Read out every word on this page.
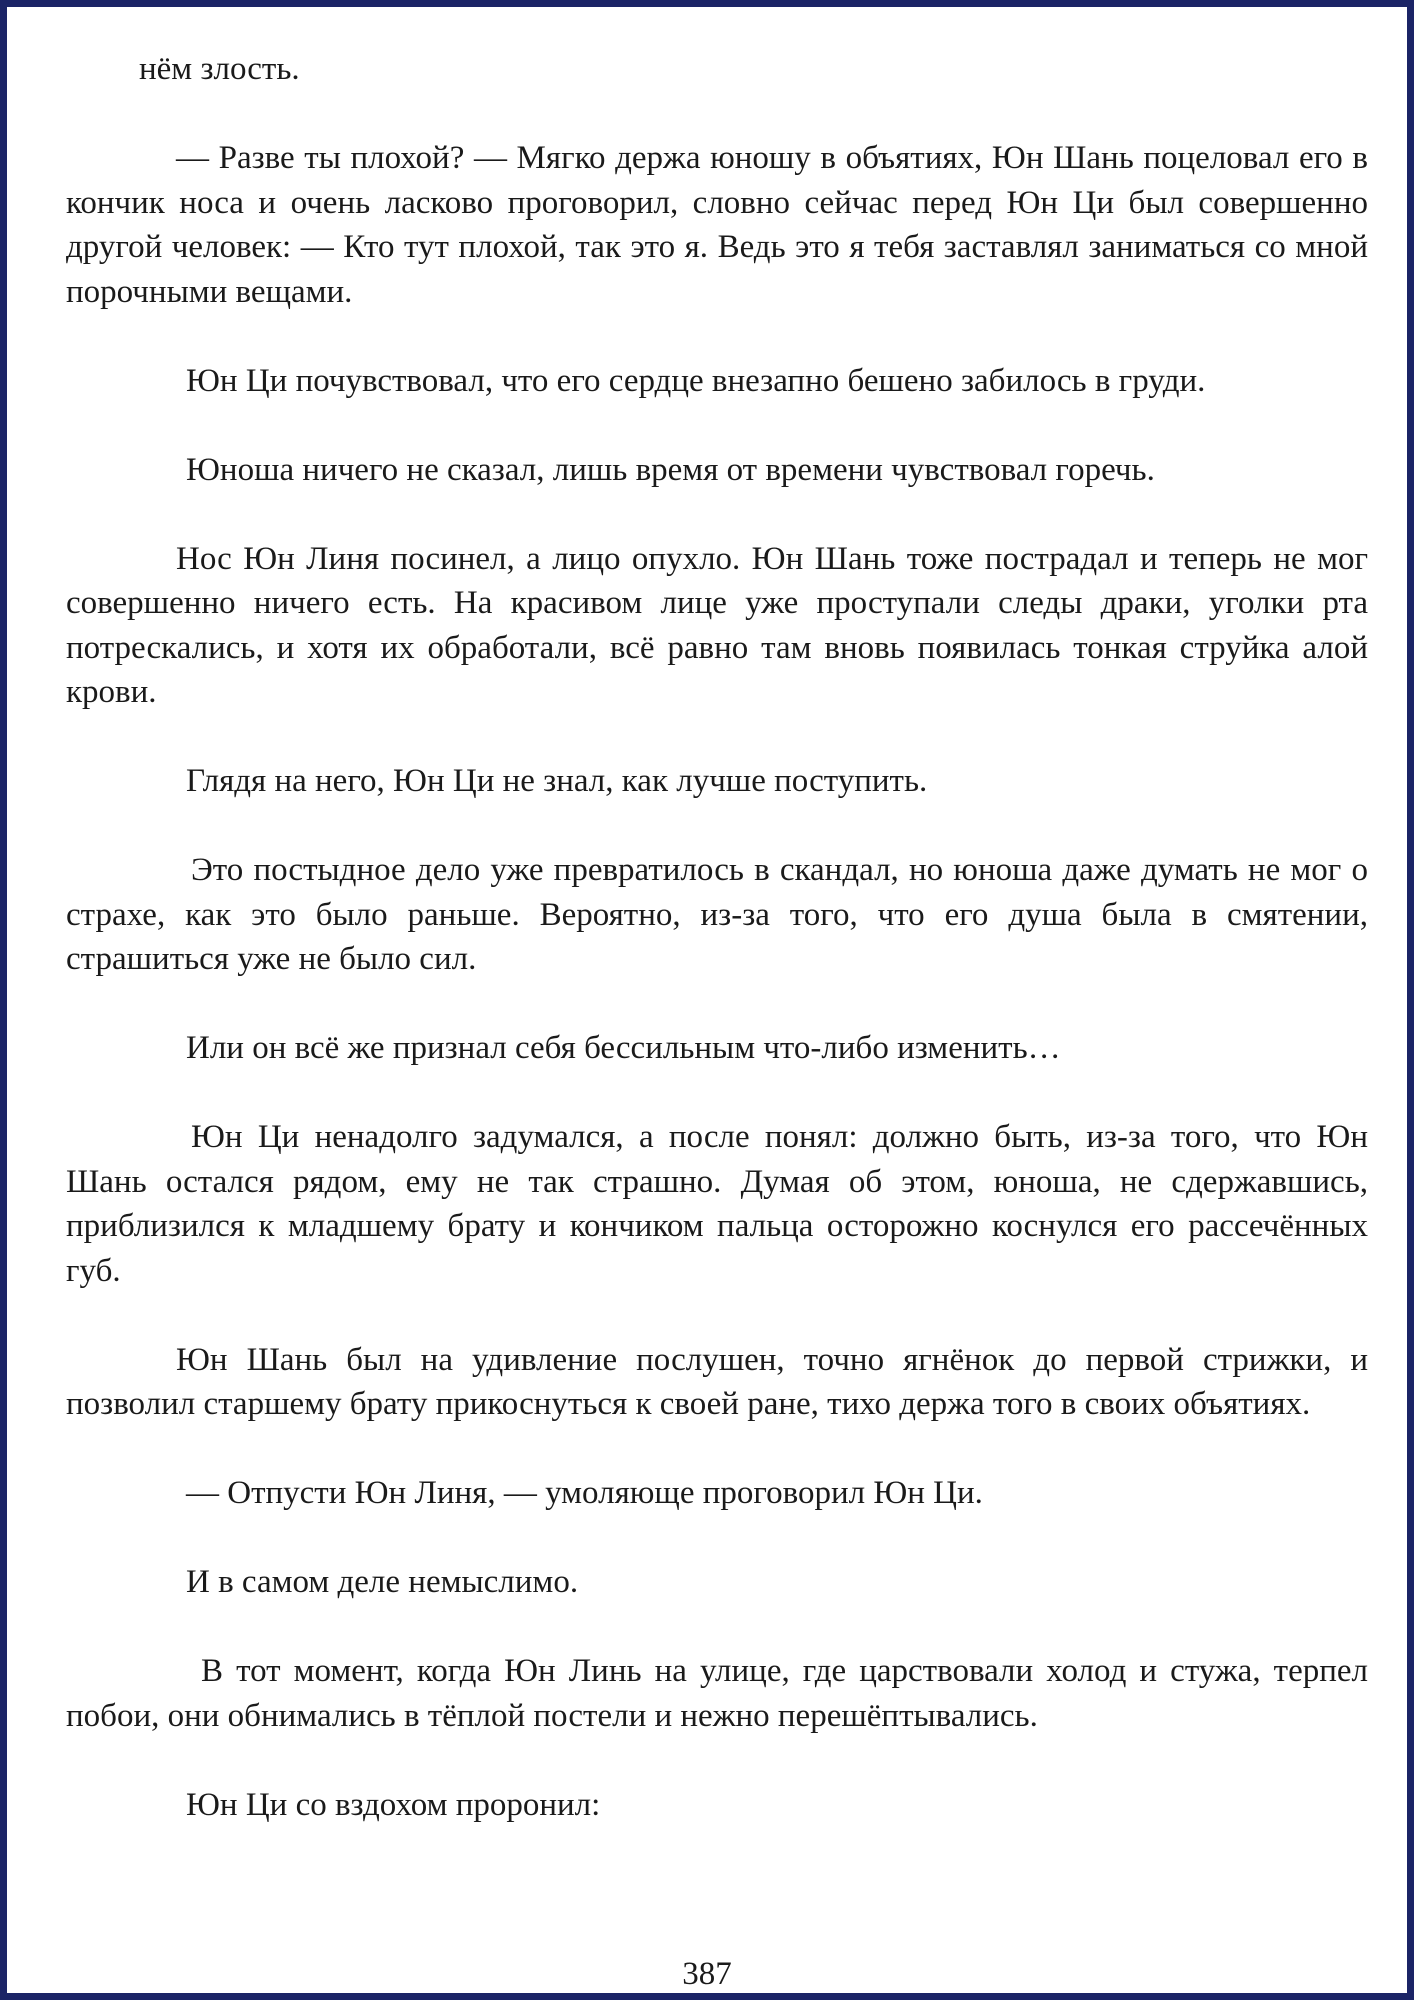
нём злость.

— Разве ты плохой? — Мягко держа юношу в объятиях, Юн Шань поцеловал его в кончик носа и очень ласково проговорил, словно сейчас перед Юн Ци был совершенно другой человек: — Кто тут плохой, так это я. Ведь это я тебя заставлял заниматься со мной порочными вещами.

Юн Ци почувствовал, что его сердце внезапно бешено забилось в груди.

Юноша ничего не сказал, лишь время от времени чувствовал горечь.

Нос Юн Линя посинел, а лицо опухло. Юн Шань тоже пострадал и теперь не мог совершенно ничего есть. На красивом лице уже проступали следы драки, уголки рта потрескались, и хотя их обработали, всё равно там вновь появилась тонкая струйка алой крови.

Глядя на него, Юн Ци не знал, как лучше поступить.

Это постыдное дело уже превратилось в скандал, но юноша даже думать не мог о страхе, как это было раньше. Вероятно, из-за того, что его душа была в смятении, страшиться уже не было сил.

Или он всё же признал себя бессильным что-либо изменить…

Юн Ци ненадолго задумался, а после понял: должно быть, из-за того, что Юн Шань остался рядом, ему не так страшно. Думая об этом, юноша, не сдержавшись, приблизился к младшему брату и кончиком пальца осторожно коснулся его рассечённых губ.

Юн Шань был на удивление послушен, точно ягнёнок до первой стрижки, и позволил старшему брату прикоснуться к своей ране, тихо держа того в своих объятиях.

— Отпусти Юн Линя, — умоляюще проговорил Юн Ци.

И в самом деле немыслимо.

В тот момент, когда Юн Линь на улице, где царствовали холод и стужа, терпел побои, они обнимались в тёплой постели и нежно перешёптывались.

Юн Ци со вздохом проронил:

387
